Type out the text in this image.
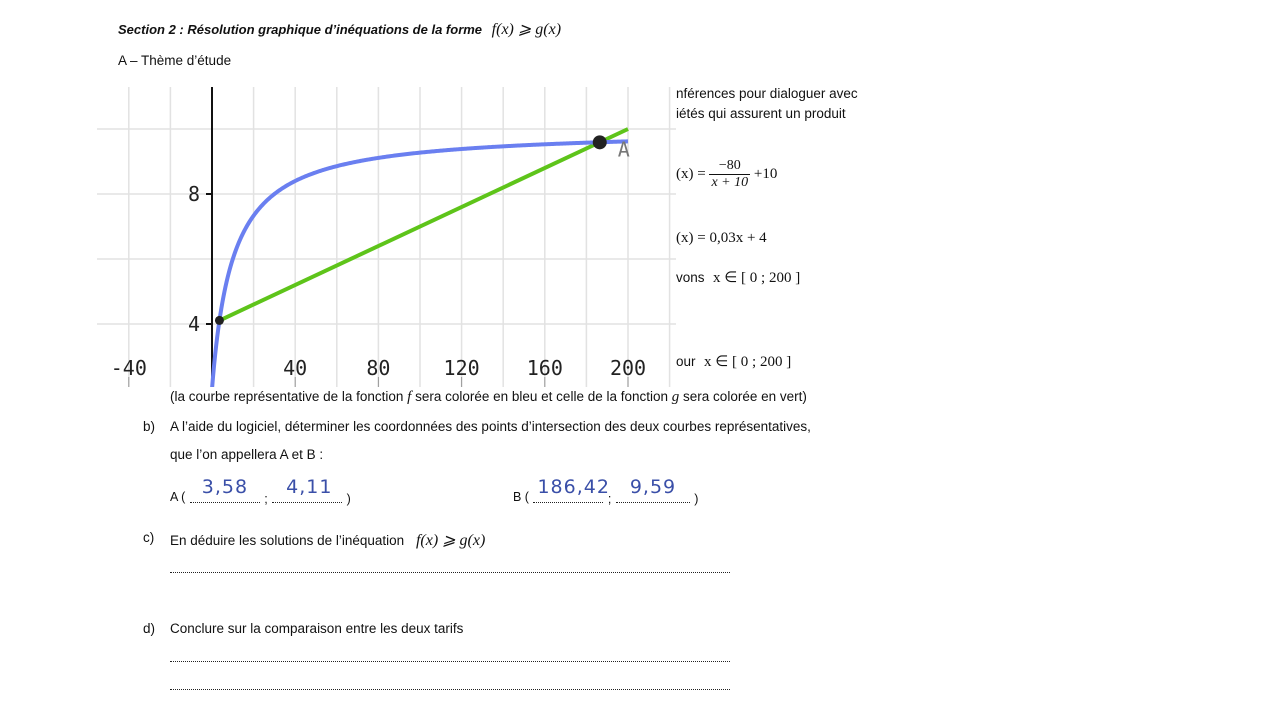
Section 2 : Résolution graphique d’inéquations de la forme f(x) ⩾ g(x)
A – Thème d’étude
nférences pour dialoguer avec
iétés qui assurent un produit
$(x) = \frac{-80}{x + 10} +10$
(x) = 0,03x + 4
vons x ∈ [ 0 ; 200 ]
our x ∈ [ 0 ; 200 ]
-40	40	80	120 160 200
4
8
A
(la courbe représentative de la fonction f sera colorée en bleu et celle de la fonction g sera colorée en vert)
b) A l’aide du logiciel, déterminer les coordonnées des points d’intersection des deux courbes représentatives,
que l’on appellera A et B :
A ( 3,58
;
4,11
)	B ( 186,42
;
9,59
)
c) En déduire les solutions de l’inéquation f(x) ⩾ g(x)
d) Conclure sur la comparaison entre les deux tarifs
